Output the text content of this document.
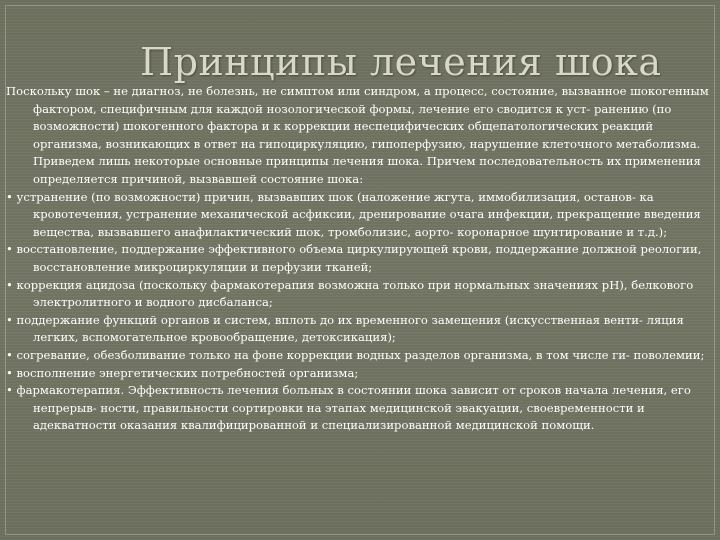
Принципы лечения шока

Поскольку шок – не диагноз, не болезнь, не симптом или синдром, а процесс, состояние, вызванное шокогенным фактором, специфичным для каждой нозологической формы, лечение его сводится к уст- ранению (по возможности) шокогенного фактора и к коррекции неспецифических общепатологических реакций организма, возникающих в ответ на гипоциркуляцию, гипоперфузию, нарушение клеточного метаболизма. Приведем лишь некоторые основные принципы лечения шока. Причем последовательность их применения определяется причиной, вызвавшей состояние шока:

• устранение (по возможности) причин, вызвавших шок (наложение жгута, иммобилизация, останов- ка кровотечения, устранение механической асфиксии, дренирование очага инфекции, прекращение введения вещества, вызвавшего анафилактический шок, тромболизис, аорто- коронарное шунтирование и т.д.);

• восстановление, поддержание эффективного объема циркулирующей крови, поддержание должной реологии, восстановление микроциркуляции и перфузии тканей;

• коррекция ацидоза (поскольку фармакотерапия возможна только при нормальных значениях pH), белкового электролитного и водного дисбаланса;

• поддержание функций органов и систем, вплоть до их временного замещения (искусственная венти- ляция легких, вспомогательное кровообращение, детоксикация);

• согревание, обезболивание только на фоне коррекции водных разделов организма, в том числе ги- поволемии;

• восполнение энергетических потребностей организма;

• фармакотерапия. Эффективность лечения больных в состоянии шока зависит от сроков начала лечения, его непрерыв- ности, правильности сортировки на этапах медицинской эвакуации, своевременности и адекватности оказания квалифицированной и специализированной медицинской помощи.
